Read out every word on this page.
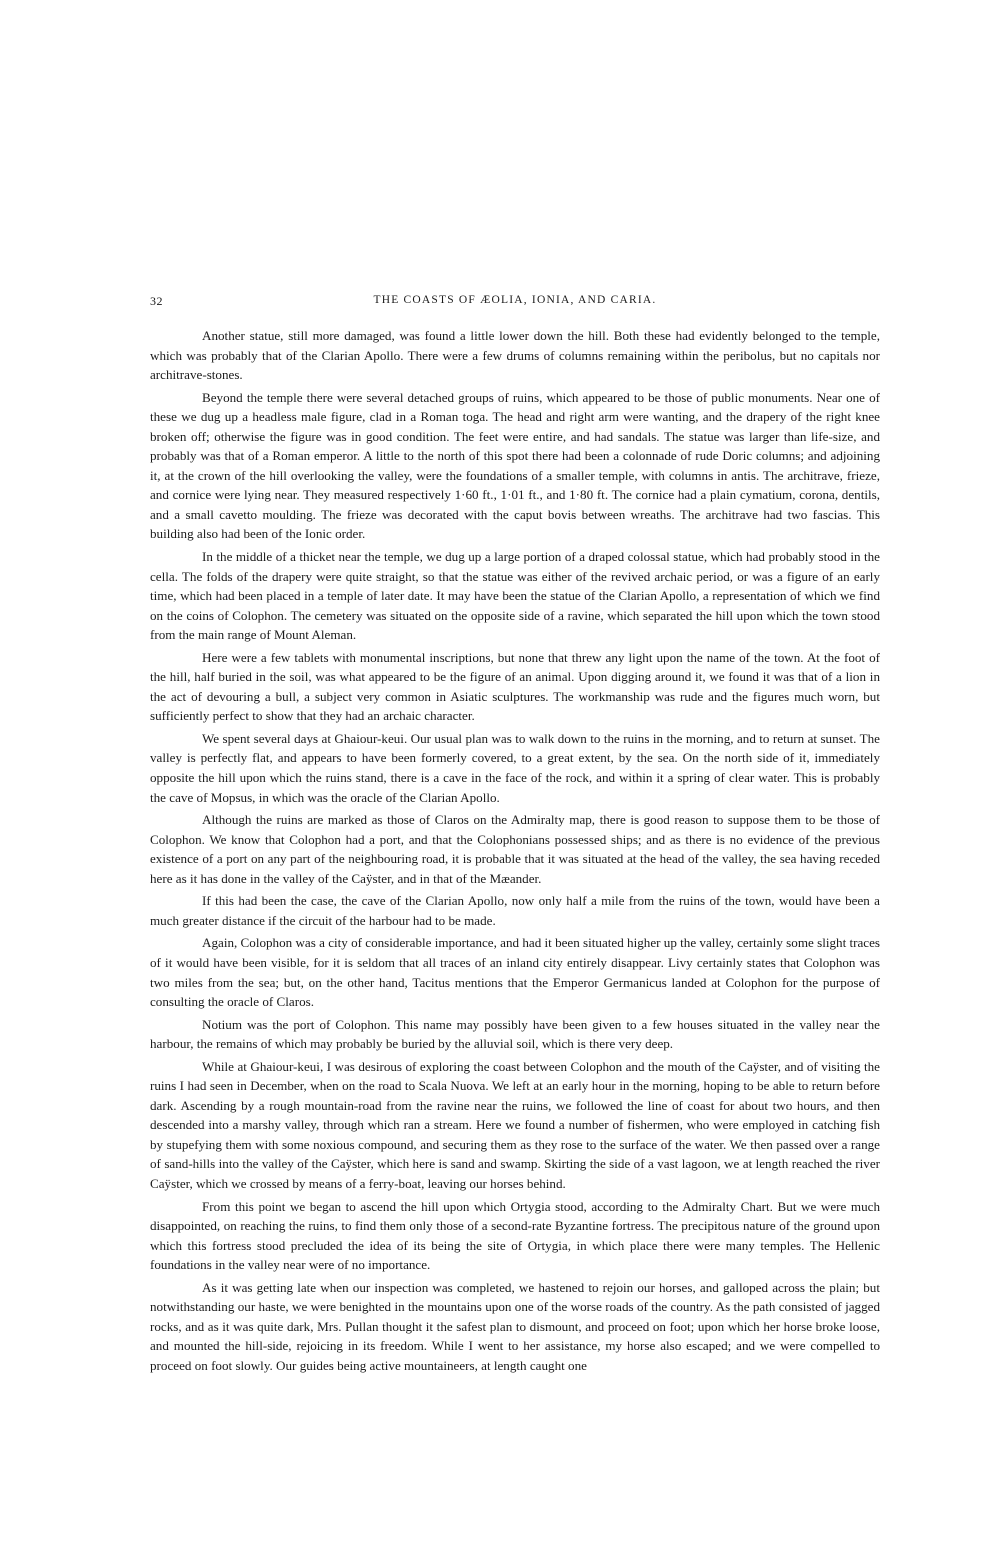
32	THE COASTS OF ÆOLIA, IONIA, AND CARIA.

Another statue, still more damaged, was found a little lower down the hill. Both these had evidently belonged to the temple, which was probably that of the Clarian Apollo. There were a few drums of columns remaining within the peribolus, but no capitals nor architrave-stones.

Beyond the temple there were several detached groups of ruins, which appeared to be those of public monuments. Near one of these we dug up a headless male figure, clad in a Roman toga. The head and right arm were wanting, and the drapery of the right knee broken off; otherwise the figure was in good condition. The feet were entire, and had sandals. The statue was larger than life-size, and probably was that of a Roman emperor. A little to the north of this spot there had been a colonnade of rude Doric columns; and adjoining it, at the crown of the hill overlooking the valley, were the foundations of a smaller temple, with columns in antis. The architrave, frieze, and cornice were lying near. They measured respectively 1·60 ft., 1·01 ft., and 1·80 ft. The cornice had a plain cymatium, corona, dentils, and a small cavetto moulding. The frieze was decorated with the caput bovis between wreaths. The architrave had two fascias. This building also had been of the Ionic order.

In the middle of a thicket near the temple, we dug up a large portion of a draped colossal statue, which had probably stood in the cella. The folds of the drapery were quite straight, so that the statue was either of the revived archaic period, or was a figure of an early time, which had been placed in a temple of later date. It may have been the statue of the Clarian Apollo, a representation of which we find on the coins of Colophon. The cemetery was situated on the opposite side of a ravine, which separated the hill upon which the town stood from the main range of Mount Aleman.

Here were a few tablets with monumental inscriptions, but none that threw any light upon the name of the town. At the foot of the hill, half buried in the soil, was what appeared to be the figure of an animal. Upon digging around it, we found it was that of a lion in the act of devouring a bull, a subject very common in Asiatic sculptures. The workmanship was rude and the figures much worn, but sufficiently perfect to show that they had an archaic character.

We spent several days at Ghaiour-keui. Our usual plan was to walk down to the ruins in the morning, and to return at sunset. The valley is perfectly flat, and appears to have been formerly covered, to a great extent, by the sea. On the north side of it, immediately opposite the hill upon which the ruins stand, there is a cave in the face of the rock, and within it a spring of clear water. This is probably the cave of Mopsus, in which was the oracle of the Clarian Apollo.

Although the ruins are marked as those of Claros on the Admiralty map, there is good reason to suppose them to be those of Colophon. We know that Colophon had a port, and that the Colophonians possessed ships; and as there is no evidence of the previous existence of a port on any part of the neighbouring road, it is probable that it was situated at the head of the valley, the sea having receded here as it has done in the valley of the Caÿster, and in that of the Mæander.

If this had been the case, the cave of the Clarian Apollo, now only half a mile from the ruins of the town, would have been a much greater distance if the circuit of the harbour had to be made.

Again, Colophon was a city of considerable importance, and had it been situated higher up the valley, certainly some slight traces of it would have been visible, for it is seldom that all traces of an inland city entirely disappear. Livy certainly states that Colophon was two miles from the sea; but, on the other hand, Tacitus mentions that the Emperor Germanicus landed at Colophon for the purpose of consulting the oracle of Claros.

Notium was the port of Colophon. This name may possibly have been given to a few houses situated in the valley near the harbour, the remains of which may probably be buried by the alluvial soil, which is there very deep.

While at Ghaiour-keui, I was desirous of exploring the coast between Colophon and the mouth of the Caÿster, and of visiting the ruins I had seen in December, when on the road to Scala Nuova. We left at an early hour in the morning, hoping to be able to return before dark. Ascending by a rough mountain-road from the ravine near the ruins, we followed the line of coast for about two hours, and then descended into a marshy valley, through which ran a stream. Here we found a number of fishermen, who were employed in catching fish by stupefying them with some noxious compound, and securing them as they rose to the surface of the water. We then passed over a range of sand-hills into the valley of the Caÿster, which here is sand and swamp. Skirting the side of a vast lagoon, we at length reached the river Caÿster, which we crossed by means of a ferry-boat, leaving our horses behind.

From this point we began to ascend the hill upon which Ortygia stood, according to the Admiralty Chart. But we were much disappointed, on reaching the ruins, to find them only those of a second-rate Byzantine fortress. The precipitous nature of the ground upon which this fortress stood precluded the idea of its being the site of Ortygia, in which place there were many temples. The Hellenic foundations in the valley near were of no importance.

As it was getting late when our inspection was completed, we hastened to rejoin our horses, and galloped across the plain; but notwithstanding our haste, we were benighted in the mountains upon one of the worse roads of the country. As the path consisted of jagged rocks, and as it was quite dark, Mrs. Pullan thought it the safest plan to dismount, and proceed on foot; upon which her horse broke loose, and mounted the hill-side, rejoicing in its freedom. While I went to her assistance, my horse also escaped; and we were compelled to proceed on foot slowly. Our guides being active mountaineers, at length caught one
